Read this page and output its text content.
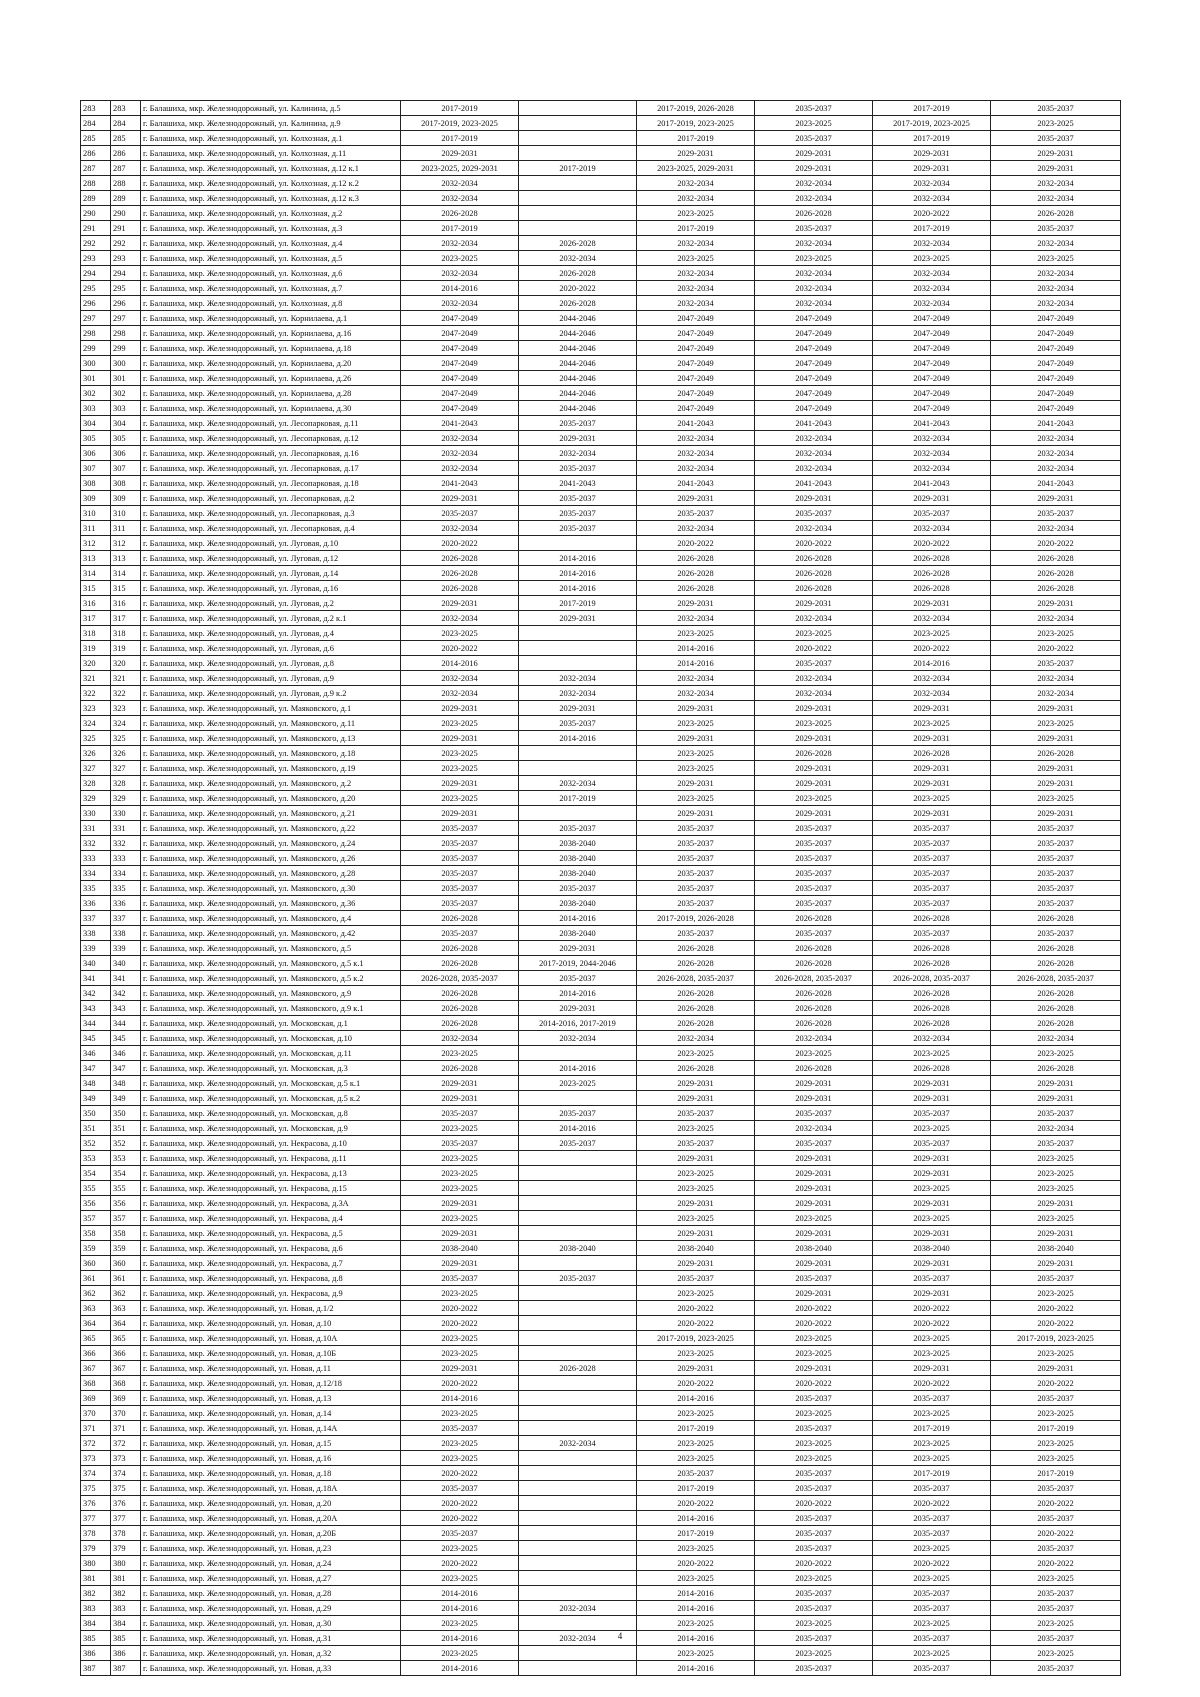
283	283	г. Балашиха, мкр. Железнодорожный, ул. Калинина, д.5	2017-2019		2017-2019, 2026-2028	2035-2037	2017-2019	2035-2037
284	284	г. Балашиха, мкр. Железнодорожный, ул. Калинина, д.9	2017-2019, 2023-2025		2017-2019, 2023-2025	2023-2025	2017-2019, 2023-2025	2023-2025
285	285	г. Балашиха, мкр. Железнодорожный, ул. Колхозная, д.1	2017-2019		2017-2019	2035-2037	2017-2019	2035-2037
286	286	г. Балашиха, мкр. Железнодорожный, ул. Колхозная, д.11	2029-2031		2029-2031	2029-2031	2029-2031	2029-2031
287	287	г. Балашиха, мкр. Железнодорожный, ул. Колхозная, д.12 к.1	2023-2025, 2029-2031	2017-2019	2023-2025, 2029-2031	2029-2031	2029-2031	2029-2031
288	288	г. Балашиха, мкр. Железнодорожный, ул. Колхозная, д.12 к.2	2032-2034		2032-2034	2032-2034	2032-2034	2032-2034
289	289	г. Балашиха, мкр. Железнодорожный, ул. Колхозная, д.12 к.3	2032-2034		2032-2034	2032-2034	2032-2034	2032-2034
290	290	г. Балашиха, мкр. Железнодорожный, ул. Колхозная, д.2	2026-2028		2023-2025	2026-2028	2020-2022	2026-2028
291	291	г. Балашиха, мкр. Железнодорожный, ул. Колхозная, д.3	2017-2019		2017-2019	2035-2037	2017-2019	2035-2037
292	292	г. Балашиха, мкр. Железнодорожный, ул. Колхозная, д.4	2032-2034	2026-2028	2032-2034	2032-2034	2032-2034	2032-2034
293	293	г. Балашиха, мкр. Железнодорожный, ул. Колхозная, д.5	2023-2025	2032-2034	2023-2025	2023-2025	2023-2025	2023-2025
294	294	г. Балашиха, мкр. Железнодорожный, ул. Колхозная, д.6	2032-2034	2026-2028	2032-2034	2032-2034	2032-2034	2032-2034
295	295	г. Балашиха, мкр. Железнодорожный, ул. Колхозная, д.7	2014-2016	2020-2022	2032-2034	2032-2034	2032-2034	2032-2034
296	296	г. Балашиха, мкр. Железнодорожный, ул. Колхозная, д.8	2032-2034	2026-2028	2032-2034	2032-2034	2032-2034	2032-2034
297	297	г. Балашиха, мкр. Железнодорожный, ул. Корнилаева, д.1	2047-2049	2044-2046	2047-2049	2047-2049	2047-2049	2047-2049
298	298	г. Балашиха, мкр. Железнодорожный, ул. Корнилаева, д.16	2047-2049	2044-2046	2047-2049	2047-2049	2047-2049	2047-2049
299	299	г. Балашиха, мкр. Железнодорожный, ул. Корнилаева, д.18	2047-2049	2044-2046	2047-2049	2047-2049	2047-2049	2047-2049
300	300	г. Балашиха, мкр. Железнодорожный, ул. Корнилаева, д.20	2047-2049	2044-2046	2047-2049	2047-2049	2047-2049	2047-2049
301	301	г. Балашиха, мкр. Железнодорожный, ул. Корнилаева, д.26	2047-2049	2044-2046	2047-2049	2047-2049	2047-2049	2047-2049
302	302	г. Балашиха, мкр. Железнодорожный, ул. Корнилаева, д.28	2047-2049	2044-2046	2047-2049	2047-2049	2047-2049	2047-2049
303	303	г. Балашиха, мкр. Железнодорожный, ул. Корнилаева, д.30	2047-2049	2044-2046	2047-2049	2047-2049	2047-2049	2047-2049
304	304	г. Балашиха, мкр. Железнодорожный, ул. Лесопарковая, д.11	2041-2043	2035-2037	2041-2043	2041-2043	2041-2043	2041-2043
305	305	г. Балашиха, мкр. Железнодорожный, ул. Лесопарковая, д.12	2032-2034	2029-2031	2032-2034	2032-2034	2032-2034	2032-2034
306	306	г. Балашиха, мкр. Железнодорожный, ул. Лесопарковая, д.16	2032-2034	2032-2034	2032-2034	2032-2034	2032-2034	2032-2034
307	307	г. Балашиха, мкр. Железнодорожный, ул. Лесопарковая, д.17	2032-2034	2035-2037	2032-2034	2032-2034	2032-2034	2032-2034
308	308	г. Балашиха, мкр. Железнодорожный, ул. Лесопарковая, д.18	2041-2043	2041-2043	2041-2043	2041-2043	2041-2043	2041-2043
309	309	г. Балашиха, мкр. Железнодорожный, ул. Лесопарковая, д.2	2029-2031	2035-2037	2029-2031	2029-2031	2029-2031	2029-2031
310	310	г. Балашиха, мкр. Железнодорожный, ул. Лесопарковая, д.3	2035-2037	2035-2037	2035-2037	2035-2037	2035-2037	2035-2037
311	311	г. Балашиха, мкр. Железнодорожный, ул. Лесопарковая, д.4	2032-2034	2035-2037	2032-2034	2032-2034	2032-2034	2032-2034
312	312	г. Балашиха, мкр. Железнодорожный, ул. Луговая, д.10	2020-2022		2020-2022	2020-2022	2020-2022	2020-2022
313	313	г. Балашиха, мкр. Железнодорожный, ул. Луговая, д.12	2026-2028	2014-2016	2026-2028	2026-2028	2026-2028	2026-2028
314	314	г. Балашиха, мкр. Железнодорожный, ул. Луговая, д.14	2026-2028	2014-2016	2026-2028	2026-2028	2026-2028	2026-2028
315	315	г. Балашиха, мкр. Железнодорожный, ул. Луговая, д.16	2026-2028	2014-2016	2026-2028	2026-2028	2026-2028	2026-2028
316	316	г. Балашиха, мкр. Железнодорожный, ул. Луговая, д.2	2029-2031	2017-2019	2029-2031	2029-2031	2029-2031	2029-2031
317	317	г. Балашиха, мкр. Железнодорожный, ул. Луговая, д.2 к.1	2032-2034	2029-2031	2032-2034	2032-2034	2032-2034	2032-2034
318	318	г. Балашиха, мкр. Железнодорожный, ул. Луговая, д.4	2023-2025		2023-2025	2023-2025	2023-2025	2023-2025
319	319	г. Балашиха, мкр. Железнодорожный, ул. Луговая, д.6	2020-2022		2014-2016	2020-2022	2020-2022	2020-2022
320	320	г. Балашиха, мкр. Железнодорожный, ул. Луговая, д.8	2014-2016		2014-2016	2035-2037	2014-2016	2035-2037
321	321	г. Балашиха, мкр. Железнодорожный, ул. Луговая, д.9	2032-2034	2032-2034	2032-2034	2032-2034	2032-2034	2032-2034
322	322	г. Балашиха, мкр. Железнодорожный, ул. Луговая, д.9 к.2	2032-2034	2032-2034	2032-2034	2032-2034	2032-2034	2032-2034
323	323	г. Балашиха, мкр. Железнодорожный, ул. Маяковского, д.1	2029-2031	2029-2031	2029-2031	2029-2031	2029-2031	2029-2031
324	324	г. Балашиха, мкр. Железнодорожный, ул. Маяковского, д.11	2023-2025	2035-2037	2023-2025	2023-2025	2023-2025	2023-2025
325	325	г. Балашиха, мкр. Железнодорожный, ул. Маяковского, д.13	2029-2031	2014-2016	2029-2031	2029-2031	2029-2031	2029-2031
326	326	г. Балашиха, мкр. Железнодорожный, ул. Маяковского, д.18	2023-2025		2023-2025	2026-2028	2026-2028	2026-2028
327	327	г. Балашиха, мкр. Железнодорожный, ул. Маяковского, д.19	2023-2025		2023-2025	2029-2031	2029-2031	2029-2031
328	328	г. Балашиха, мкр. Железнодорожный, ул. Маяковского, д.2	2029-2031	2032-2034	2029-2031	2029-2031	2029-2031	2029-2031
329	329	г. Балашиха, мкр. Железнодорожный, ул. Маяковского, д.20	2023-2025	2017-2019	2023-2025	2023-2025	2023-2025	2023-2025
330	330	г. Балашиха, мкр. Железнодорожный, ул. Маяковского, д.21	2029-2031		2029-2031	2029-2031	2029-2031	2029-2031
331	331	г. Балашиха, мкр. Железнодорожный, ул. Маяковского, д.22	2035-2037	2035-2037	2035-2037	2035-2037	2035-2037	2035-2037
332	332	г. Балашиха, мкр. Железнодорожный, ул. Маяковского, д.24	2035-2037	2038-2040	2035-2037	2035-2037	2035-2037	2035-2037
333	333	г. Балашиха, мкр. Железнодорожный, ул. Маяковского, д.26	2035-2037	2038-2040	2035-2037	2035-2037	2035-2037	2035-2037
334	334	г. Балашиха, мкр. Железнодорожный, ул. Маяковского, д.28	2035-2037	2038-2040	2035-2037	2035-2037	2035-2037	2035-2037
335	335	г. Балашиха, мкр. Железнодорожный, ул. Маяковского, д.30	2035-2037	2035-2037	2035-2037	2035-2037	2035-2037	2035-2037
336	336	г. Балашиха, мкр. Железнодорожный, ул. Маяковского, д.36	2035-2037	2038-2040	2035-2037	2035-2037	2035-2037	2035-2037
337	337	г. Балашиха, мкр. Железнодорожный, ул. Маяковского, д.4	2026-2028	2014-2016	2017-2019, 2026-2028	2026-2028	2026-2028	2026-2028
338	338	г. Балашиха, мкр. Железнодорожный, ул. Маяковского, д.42	2035-2037	2038-2040	2035-2037	2035-2037	2035-2037	2035-2037
339	339	г. Балашиха, мкр. Железнодорожный, ул. Маяковского, д.5	2026-2028	2029-2031	2026-2028	2026-2028	2026-2028	2026-2028
340	340	г. Балашиха, мкр. Железнодорожный, ул. Маяковского, д.5 к.1	2026-2028	2017-2019, 2044-2046	2026-2028	2026-2028	2026-2028	2026-2028
341	341	г. Балашиха, мкр. Железнодорожный, ул. Маяковского, д.5 к.2	2026-2028, 2035-2037	2035-2037	2026-2028, 2035-2037	2026-2028, 2035-2037	2026-2028, 2035-2037	2026-2028, 2035-2037
342	342	г. Балашиха, мкр. Железнодорожный, ул. Маяковского, д.9	2026-2028	2014-2016	2026-2028	2026-2028	2026-2028	2026-2028
343	343	г. Балашиха, мкр. Железнодорожный, ул. Маяковского, д.9 к.1	2026-2028	2029-2031	2026-2028	2026-2028	2026-2028	2026-2028
344	344	г. Балашиха, мкр. Железнодорожный, ул. Московская, д.1	2026-2028	2014-2016, 2017-2019	2026-2028	2026-2028	2026-2028	2026-2028
345	345	г. Балашиха, мкр. Железнодорожный, ул. Московская, д.10	2032-2034	2032-2034	2032-2034	2032-2034	2032-2034	2032-2034
346	346	г. Балашиха, мкр. Железнодорожный, ул. Московская, д.11	2023-2025		2023-2025	2023-2025	2023-2025	2023-2025
347	347	г. Балашиха, мкр. Железнодорожный, ул. Московская, д.3	2026-2028	2014-2016	2026-2028	2026-2028	2026-2028	2026-2028
348	348	г. Балашиха, мкр. Железнодорожный, ул. Московская, д.5 к.1	2029-2031	2023-2025	2029-2031	2029-2031	2029-2031	2029-2031
349	349	г. Балашиха, мкр. Железнодорожный, ул. Московская, д.5 к.2	2029-2031		2029-2031	2029-2031	2029-2031	2029-2031
350	350	г. Балашиха, мкр. Железнодорожный, ул. Московская, д.8	2035-2037	2035-2037	2035-2037	2035-2037	2035-2037	2035-2037
351	351	г. Балашиха, мкр. Железнодорожный, ул. Московская, д.9	2023-2025	2014-2016	2023-2025	2032-2034	2023-2025	2032-2034
352	352	г. Балашиха, мкр. Железнодорожный, ул. Некрасова, д.10	2035-2037	2035-2037	2035-2037	2035-2037	2035-2037	2035-2037
353	353	г. Балашиха, мкр. Железнодорожный, ул. Некрасова, д.11	2023-2025		2029-2031	2029-2031	2029-2031	2023-2025
354	354	г. Балашиха, мкр. Железнодорожный, ул. Некрасова, д.13	2023-2025		2023-2025	2029-2031	2029-2031	2023-2025
355	355	г. Балашиха, мкр. Железнодорожный, ул. Некрасова, д.15	2023-2025		2023-2025	2029-2031	2023-2025	2023-2025
356	356	г. Балашиха, мкр. Железнодорожный, ул. Некрасова, д.3А	2029-2031		2029-2031	2029-2031	2029-2031	2029-2031
357	357	г. Балашиха, мкр. Железнодорожный, ул. Некрасова, д.4	2023-2025		2023-2025	2023-2025	2023-2025	2023-2025
358	358	г. Балашиха, мкр. Железнодорожный, ул. Некрасова, д.5	2029-2031		2029-2031	2029-2031	2029-2031	2029-2031
359	359	г. Балашиха, мкр. Железнодорожный, ул. Некрасова, д.6	2038-2040	2038-2040	2038-2040	2038-2040	2038-2040	2038-2040
360	360	г. Балашиха, мкр. Железнодорожный, ул. Некрасова, д.7	2029-2031		2029-2031	2029-2031	2029-2031	2029-2031
361	361	г. Балашиха, мкр. Железнодорожный, ул. Некрасова, д.8	2035-2037	2035-2037	2035-2037	2035-2037	2035-2037	2035-2037
362	362	г. Балашиха, мкр. Железнодорожный, ул. Некрасова, д.9	2023-2025		2023-2025	2029-2031	2029-2031	2023-2025
363	363	г. Балашиха, мкр. Железнодорожный, ул. Новая, д.1/2	2020-2022		2020-2022	2020-2022	2020-2022	2020-2022
364	364	г. Балашиха, мкр. Железнодорожный, ул. Новая, д.10	2020-2022		2020-2022	2020-2022	2020-2022	2020-2022
365	365	г. Балашиха, мкр. Железнодорожный, ул. Новая, д.10А	2023-2025		2017-2019, 2023-2025	2023-2025	2023-2025	2017-2019, 2023-2025
366	366	г. Балашиха, мкр. Железнодорожный, ул. Новая, д.10Б	2023-2025		2023-2025	2023-2025	2023-2025	2023-2025
367	367	г. Балашиха, мкр. Железнодорожный, ул. Новая, д.11	2029-2031	2026-2028	2029-2031	2029-2031	2029-2031	2029-2031
368	368	г. Балашиха, мкр. Железнодорожный, ул. Новая, д.12/18	2020-2022		2020-2022	2020-2022	2020-2022	2020-2022
369	369	г. Балашиха, мкр. Железнодорожный, ул. Новая, д.13	2014-2016		2014-2016	2035-2037	2035-2037	2035-2037
370	370	г. Балашиха, мкр. Железнодорожный, ул. Новая, д.14	2023-2025		2023-2025	2023-2025	2023-2025	2023-2025
371	371	г. Балашиха, мкр. Железнодорожный, ул. Новая, д.14А	2035-2037		2017-2019	2035-2037	2017-2019	2017-2019
372	372	г. Балашиха, мкр. Железнодорожный, ул. Новая, д.15	2023-2025	2032-2034	2023-2025	2023-2025	2023-2025	2023-2025
373	373	г. Балашиха, мкр. Железнодорожный, ул. Новая, д.16	2023-2025		2023-2025	2023-2025	2023-2025	2023-2025
374	374	г. Балашиха, мкр. Железнодорожный, ул. Новая, д.18	2020-2022		2035-2037	2035-2037	2017-2019	2017-2019
375	375	г. Балашиха, мкр. Железнодорожный, ул. Новая, д.18А	2035-2037		2017-2019	2035-2037	2035-2037	2035-2037
376	376	г. Балашиха, мкр. Железнодорожный, ул. Новая, д.20	2020-2022		2020-2022	2020-2022	2020-2022	2020-2022
377	377	г. Балашиха, мкр. Железнодорожный, ул. Новая, д.20А	2020-2022		2014-2016	2035-2037	2035-2037	2035-2037
378	378	г. Балашиха, мкр. Железнодорожный, ул. Новая, д.20Б	2035-2037		2017-2019	2035-2037	2035-2037	2020-2022
379	379	г. Балашиха, мкр. Железнодорожный, ул. Новая, д.23	2023-2025		2023-2025	2035-2037	2023-2025	2035-2037
380	380	г. Балашиха, мкр. Железнодорожный, ул. Новая, д.24	2020-2022		2020-2022	2020-2022	2020-2022	2020-2022
381	381	г. Балашиха, мкр. Железнодорожный, ул. Новая, д.27	2023-2025		2023-2025	2023-2025	2023-2025	2023-2025
382	382	г. Балашиха, мкр. Железнодорожный, ул. Новая, д.28	2014-2016		2014-2016	2035-2037	2035-2037	2035-2037
383	383	г. Балашиха, мкр. Железнодорожный, ул. Новая, д.29	2014-2016	2032-2034	2014-2016	2035-2037	2035-2037	2035-2037
384	384	г. Балашиха, мкр. Железнодорожный, ул. Новая, д.30	2023-2025		2023-2025	2023-2025	2023-2025	2023-2025
385	385	г. Балашиха, мкр. Железнодорожный, ул. Новая, д.31	2014-2016	2032-2034	2014-2016	2035-2037	2035-2037	2035-2037
386	386	г. Балашиха, мкр. Железнодорожный, ул. Новая, д.32	2023-2025		2023-2025	2023-2025	2023-2025	2023-2025
387	387	г. Балашиха, мкр. Железнодорожный, ул. Новая, д.33	2014-2016		2014-2016	2035-2037	2035-2037	2035-2037
4
